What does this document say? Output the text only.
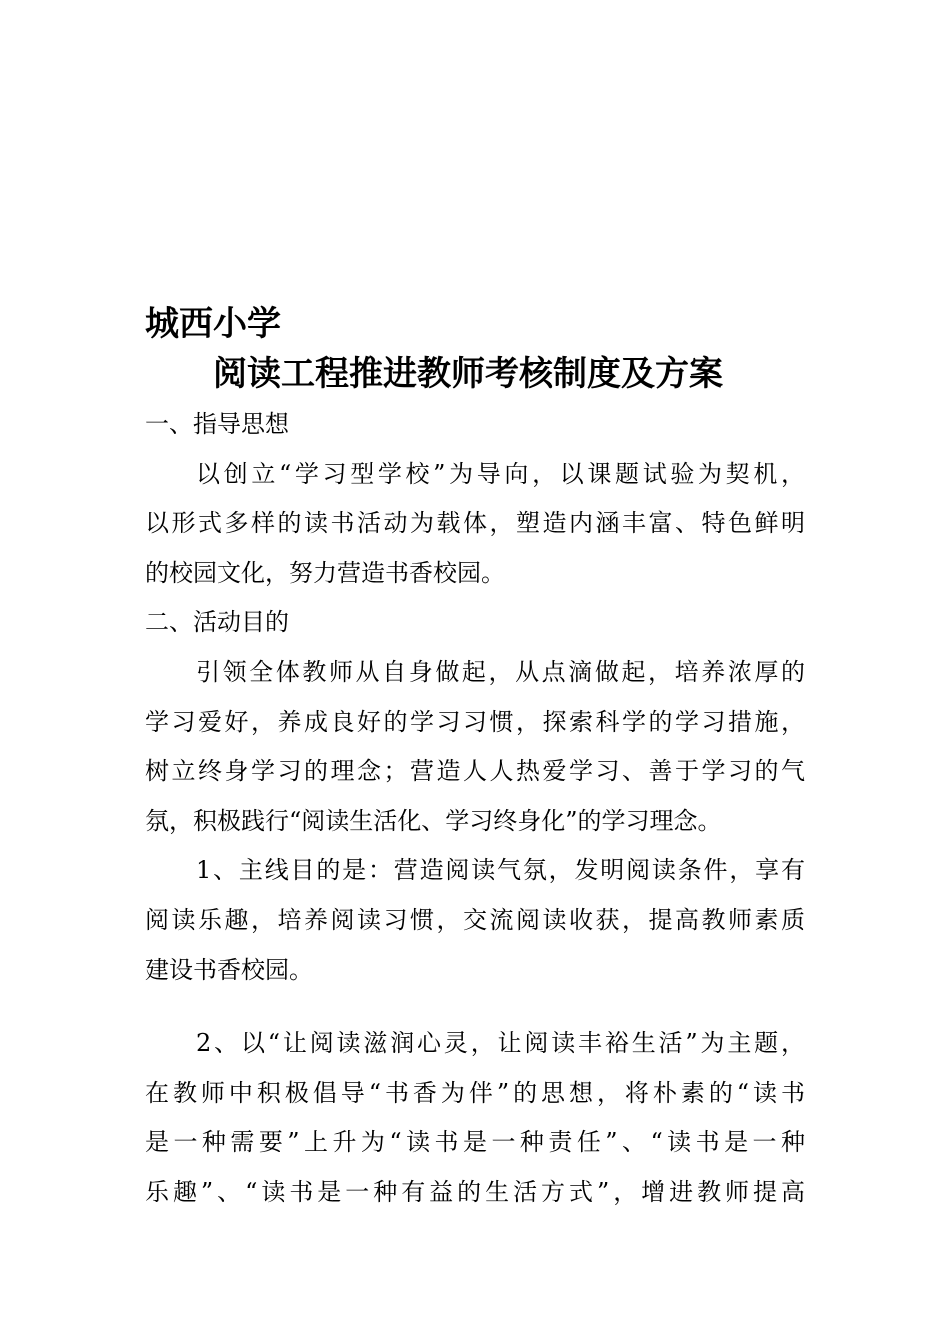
城西小学
阅读工程推进教师考核制度及方案
一、指导思想
以创立“学习型学校”为导向，以课题试验为契机，
以形式多样的读书活动为载体，塑造内涵丰富、特色鲜明
的校园文化，努力营造书香校园。
二、活动目的
引领全体教师从自身做起，从点滴做起，培养浓厚的
学习爱好，养成良好的学习习惯，探索科学的学习措施，
树立终身学习的理念；营造人人热爱学习、善于学习的气
氛，积极践行“阅读生活化、学习终身化”的学习理念。
1、主线目的是：营造阅读气氛，发明阅读条件，享有
阅读乐趣，培养阅读习惯，交流阅读收获，提高教师素质
建设书香校园。
2、以“让阅读滋润心灵，让阅读丰裕生活”为主题，
在教师中积极倡导“书香为伴”的思想，将朴素的“读书
是一种需要”上升为“读书是一种责任”、“读书是一种
乐趣”、“读书是一种有益的生活方式”，增进教师提高
